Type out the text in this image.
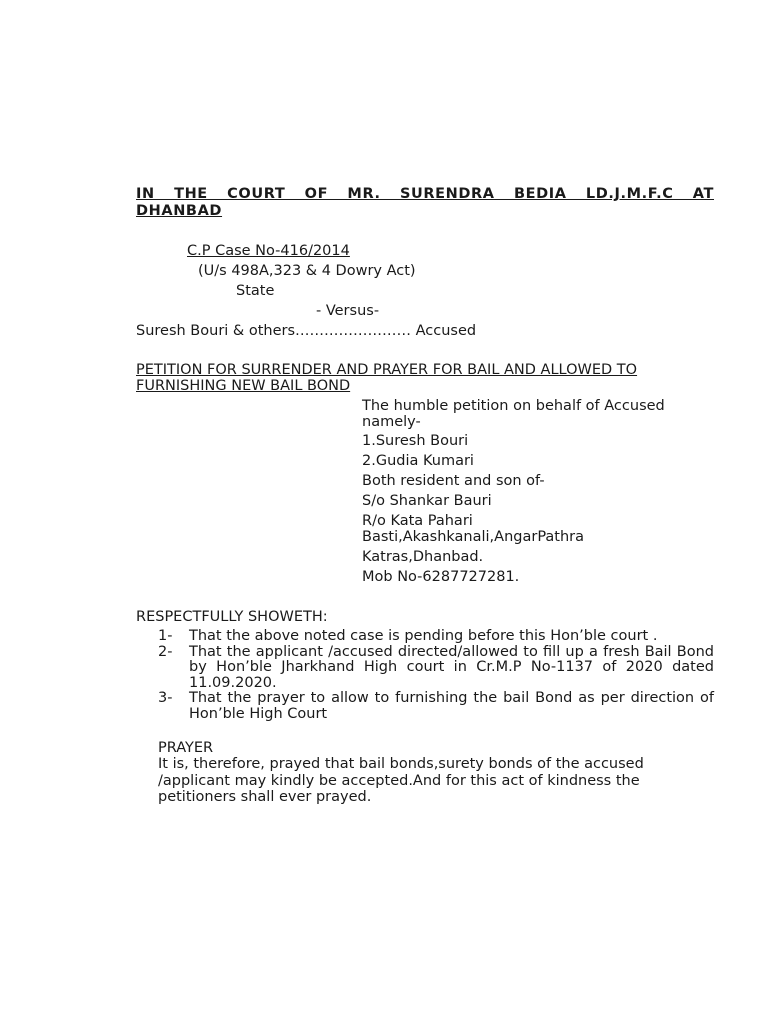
IN THE COURT OF MR. SURENDRA BEDIA LD.J.M.F.C AT
DHANBAD
C.P Case No-416/2014
(U/s 498A,323 & 4 Dowry Act)
State
- Versus-
Suresh Bouri & others…………………… Accused
PETITION FOR SURRENDER AND PRAYER FOR BAIL AND ALLOWED TO FURNISHING NEW BAIL BOND
The humble petition on behalf of Accused
namely-
1.Suresh Bouri
2.Gudia Kumari
Both resident and son of-
S/o Shankar Bauri
R/o Kata Pahari
Basti,Akashkanali,AngarPathra
Katras,Dhanbad.
Mob No-6287727281.
RESPECTFULLY SHOWETH:
1-	That the above noted case is pending before this Hon’ble court .
2-	That the applicant /accused directed/allowed to fill up a fresh Bail Bond by Hon’ble Jharkhand High court in Cr.M.P No-1137 of 2020 dated 11.09.2020.
3-	That the prayer to allow to furnishing the bail Bond as per direction of Hon’ble High Court
PRAYER
It is, therefore, prayed that bail bonds,surety bonds of the accused /applicant may kindly be accepted.And for this act of kindness the petitioners shall ever prayed.
